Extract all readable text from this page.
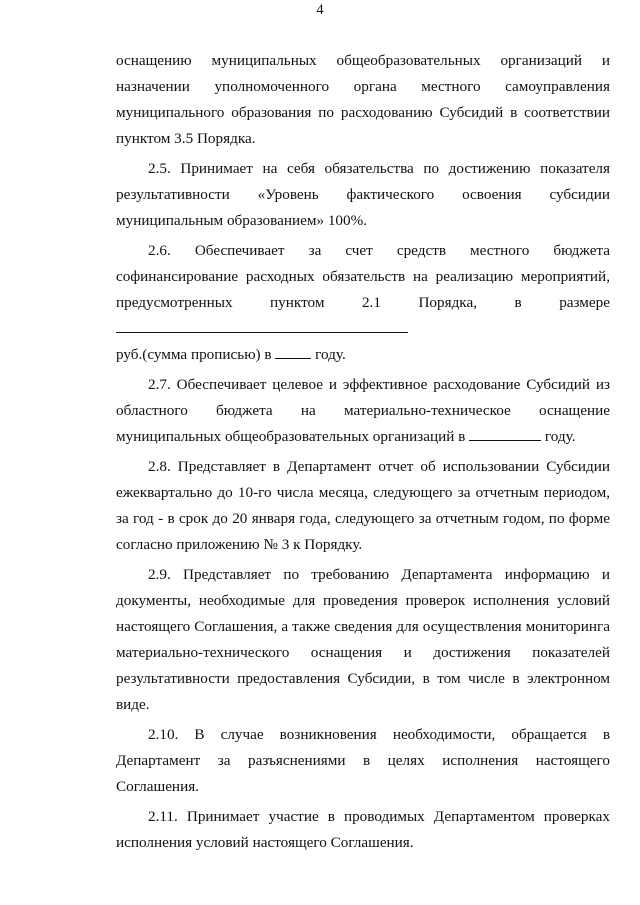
4

оснащению муниципальных общеобразовательных организаций и назначении уполномоченного органа местного самоуправления муниципального образования по расходованию Субсидий в соответствии пунктом 3.5 Порядка.

2.5. Принимает на себя обязательства по достижению показателя результативности «Уровень фактического освоения субсидии муниципальным образованием» 100%.

2.6. Обеспечивает за счет средств местного бюджета софинансирование расходных обязательств на реализацию мероприятий, предусмотренных пунктом 2.1 Порядка, в размере
руб.(сумма прописью) в	году.

2.7. Обеспечивает целевое и эффективное расходование Субсидий из областного бюджета на материально-техническое оснащение муниципальных общеобразовательных организаций в	году.

2.8. Представляет в Департамент отчет об использовании Субсидии ежеквартально до 10-го числа месяца, следующего за отчетным периодом, за год - в срок до 20 января года, следующего за отчетным годом, по форме согласно приложению № 3 к Порядку.

2.9. Представляет по требованию Департамента информацию и документы, необходимые для проведения проверок исполнения условий настоящего Соглашения, а также сведения для осуществления мониторинга материально-технического оснащения и достижения показателей результативности предоставления Субсидии, в том числе в электронном виде.

2.10. В случае возникновения необходимости, обращается в Департамент за разъяснениями в целях исполнения настоящего Соглашения.

2.11. Принимает участие в проводимых Департаментом проверках исполнения условий настоящего Соглашения.
